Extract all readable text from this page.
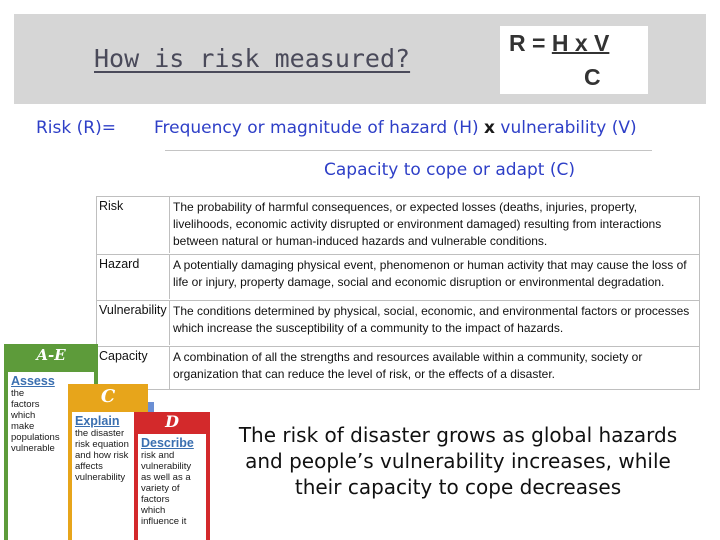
How is risk measured?
R = H x V
C
Risk (R)= Frequency or magnitude of hazard (H) x vulnerability (V)
Capacity to cope or adapt (C)
Risk	The probability of harmful consequences, or expected losses (deaths, injuries, property, livelihoods, economic activity disrupted or environment damaged) resulting from interactions between natural or human-induced hazards and vulnerable conditions.
Hazard	A potentially damaging physical event, phenomenon or human activity that may cause the loss of life or injury, property damage, social and economic disruption or environmental degradation.
Vulnerability The conditions determined by physical, social, economic, and environmental factors or processes which increase the susceptibility of a community to the impact of hazards.
Capacity	A combination of all the strengths and resources available within a community, society or organization that can reduce the level of risk, or the effects of a disaster.
A-E
Assess
the
factors
which
make
populations
vulnerable
C
Explain
the disaster
risk equation
and how risk
affects
vulnerability
D
Describe
risk and
vulnerability
as well as a
variety of
factors
which
influence it
The risk of disaster grows as global hazards and people’s vulnerability increases, while their capacity to cope decreases
